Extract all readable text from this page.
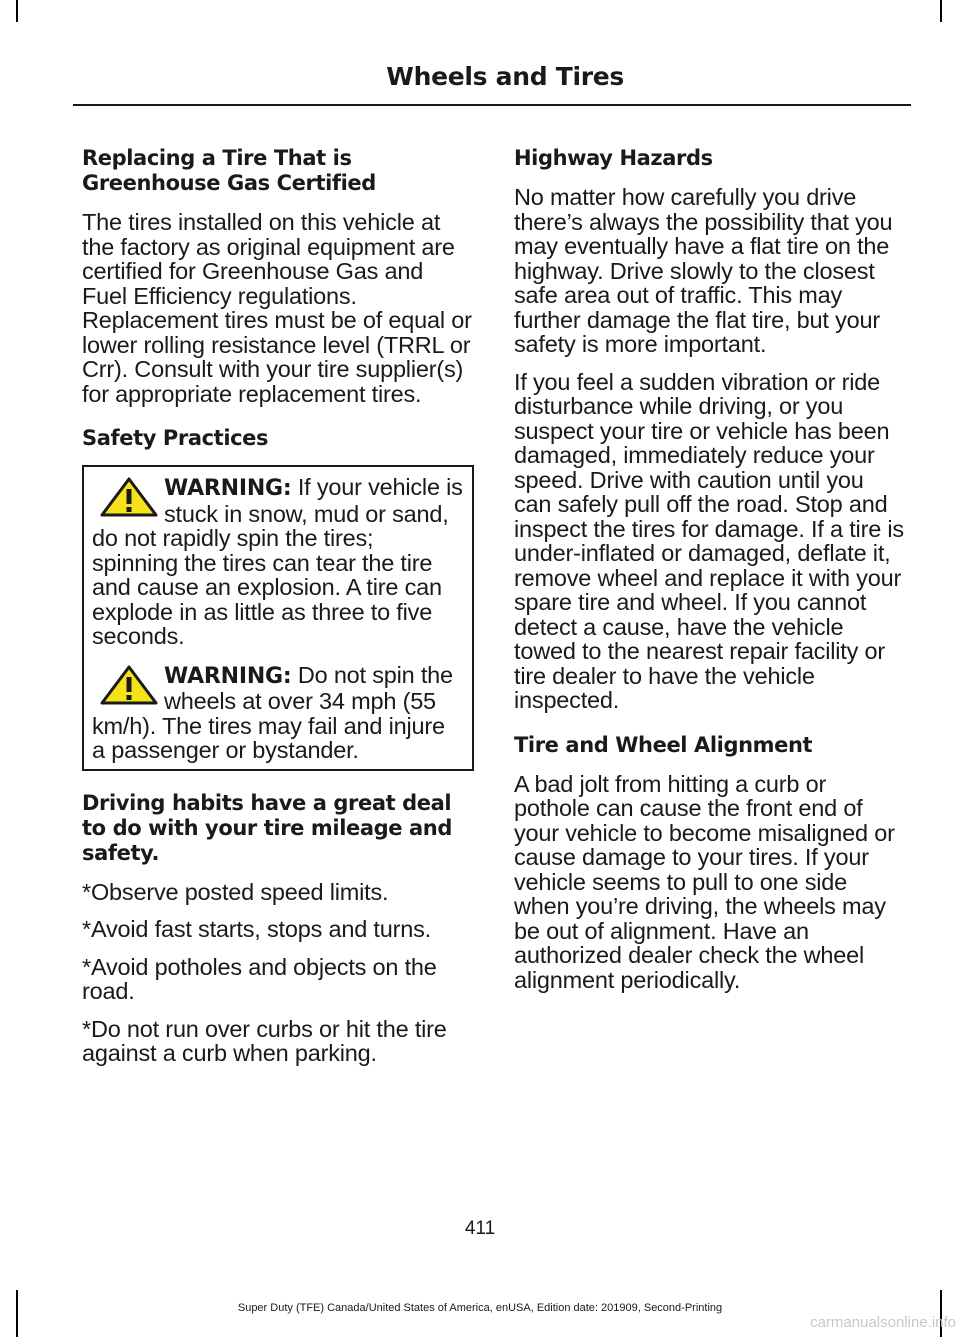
Wheels and Tires
Replacing a Tire That is Greenhouse Gas Certified

The tires installed on this vehicle at the factory as original equipment are certified for Greenhouse Gas and Fuel Efficiency regulations. Replacement tires must be of equal or lower rolling resistance level (TRRL or Crr). Consult with your tire supplier(s) for appropriate replacement tires.

Safety Practices

WARNING: If your vehicle is stuck in snow, mud or sand, do not rapidly spin the tires; spinning the tires can tear the tire and cause an explosion. A tire can explode in as little as three to five seconds.

WARNING: Do not spin the wheels at over 34 mph (55 km/h). The tires may fail and injure a passenger or bystander.

Driving habits have a great deal to do with your tire mileage and safety.

*Observe posted speed limits.

*Avoid fast starts, stops and turns.

*Avoid potholes and objects on the road.

*Do not run over curbs or hit the tire against a curb when parking.

Highway Hazards

No matter how carefully you drive there’s always the possibility that you may eventually have a flat tire on the highway. Drive slowly to the closest safe area out of traffic. This may further damage the flat tire, but your safety is more important.

If you feel a sudden vibration or ride disturbance while driving, or you suspect your tire or vehicle has been damaged, immediately reduce your speed. Drive with caution until you can safely pull off the road. Stop and inspect the tires for damage. If a tire is under-inflated or damaged, deflate it, remove wheel and replace it with your spare tire and wheel. If you cannot detect a cause, have the vehicle towed to the nearest repair facility or tire dealer to have the vehicle inspected.

Tire and Wheel Alignment

A bad jolt from hitting a curb or pothole can cause the front end of your vehicle to become misaligned or cause damage to your tires. If your vehicle seems to pull to one side when you’re driving, the wheels may be out of alignment. Have an authorized dealer check the wheel alignment periodically.

411
Super Duty (TFE) Canada/United States of America, enUSA, Edition date: 201909, Second-Printing
carmanualsonline.info
